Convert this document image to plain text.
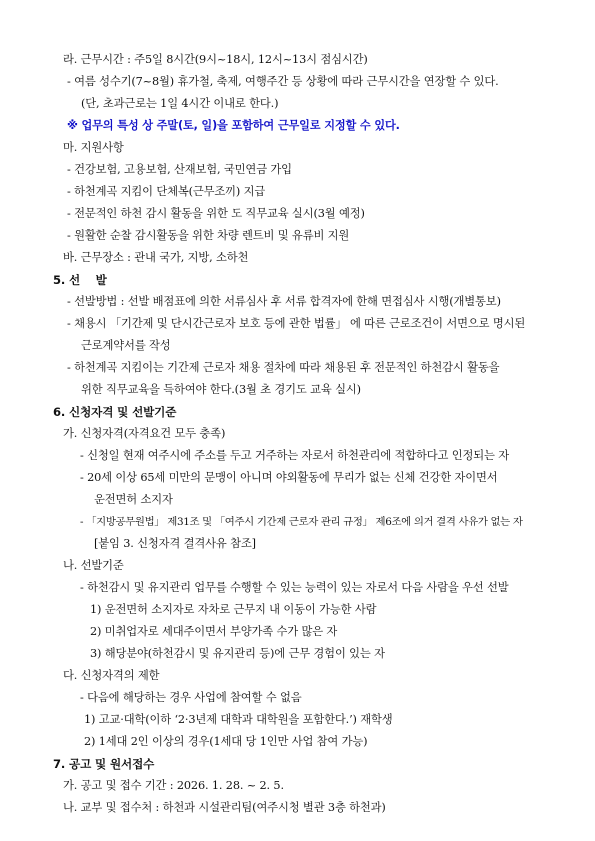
라. 근무시간 : 주5일 8시간(9시~18시, 12시~13시 점심시간)
- 여름 성수기(7~8월) 휴가철, 축제, 여행주간 등 상황에 따라 근무시간을 연장할 수 있다.
(단, 초과근로는 1일 4시간 이내로 한다.)
※ 업무의 특성 상 주말(토, 일)을 포함하여 근무일로 지정할 수 있다.
마. 지원사항
- 건강보험, 고용보험, 산재보험, 국민연금 가입
- 하천계곡 지킴이 단체복(근무조끼) 지급
- 전문적인 하천 감시 활동을 위한 도 직무교육 실시(3월 예정)
- 원활한 순찰 감시활동을 위한 차량 렌트비 및 유류비 지원
바. 근무장소 : 관내 국가, 지방, 소하천
5. 선    발
- 선발방법 : 선발 배점표에 의한 서류심사 후 서류 합격자에 한해 면접심사 시행(개별통보)
- 채용시 「기간제 및 단시간근로자 보호 등에 관한 법률」 에 따른 근로조건이 서면으로 명시된
근로계약서를 작성
- 하천계곡 지킴이는 기간제 근로자 채용 절차에 따라 채용된 후 전문적인 하천감시 활동을
위한 직무교육을 득하여야 한다.(3월 초 경기도 교육 실시)
6. 신청자격 및 선발기준
가. 신청자격(자격요건 모두 충족)
- 신청일 현재 여주시에 주소를 두고 거주하는 자로서 하천관리에 적합하다고 인정되는 자
- 20세 이상 65세 미만의 문맹이 아니며 야외활동에 무리가 없는 신체 건강한 자이면서
운전면허 소지자
- 「지방공무원법」 제31조 및 「여주시 기간제 근로자 관리 규정」 제6조에 의거 결격 사유가 없는 자
[붙임 3. 신청자격 결격사유 참조]
나. 선발기준
- 하천감시 및 유지관리 업무를 수행할 수 있는 능력이 있는 자로서 다음 사람을 우선 선발
1) 운전면허 소지자로 자차로 근무지 내 이동이 가능한 사람
2) 미취업자로 세대주이면서 부양가족 수가 많은 자
3) 해당분야(하천감시 및 유지관리 등)에 근무 경험이 있는 자
다. 신청자격의 제한
- 다음에 해당하는 경우 사업에 참여할 수 없음
1) 고교·대학(이하 ‘2·3년제 대학과 대학원을 포함한다.’) 재학생
2) 1세대 2인 이상의 경우(1세대 당 1인만 사업 참여 가능)
7. 공고 및 원서접수
가. 공고 및 접수 기간 : 2026. 1. 28. ~ 2. 5.
나. 교부 및 접수처 : 하천과 시설관리팀(여주시청 별관 3층 하천과)
